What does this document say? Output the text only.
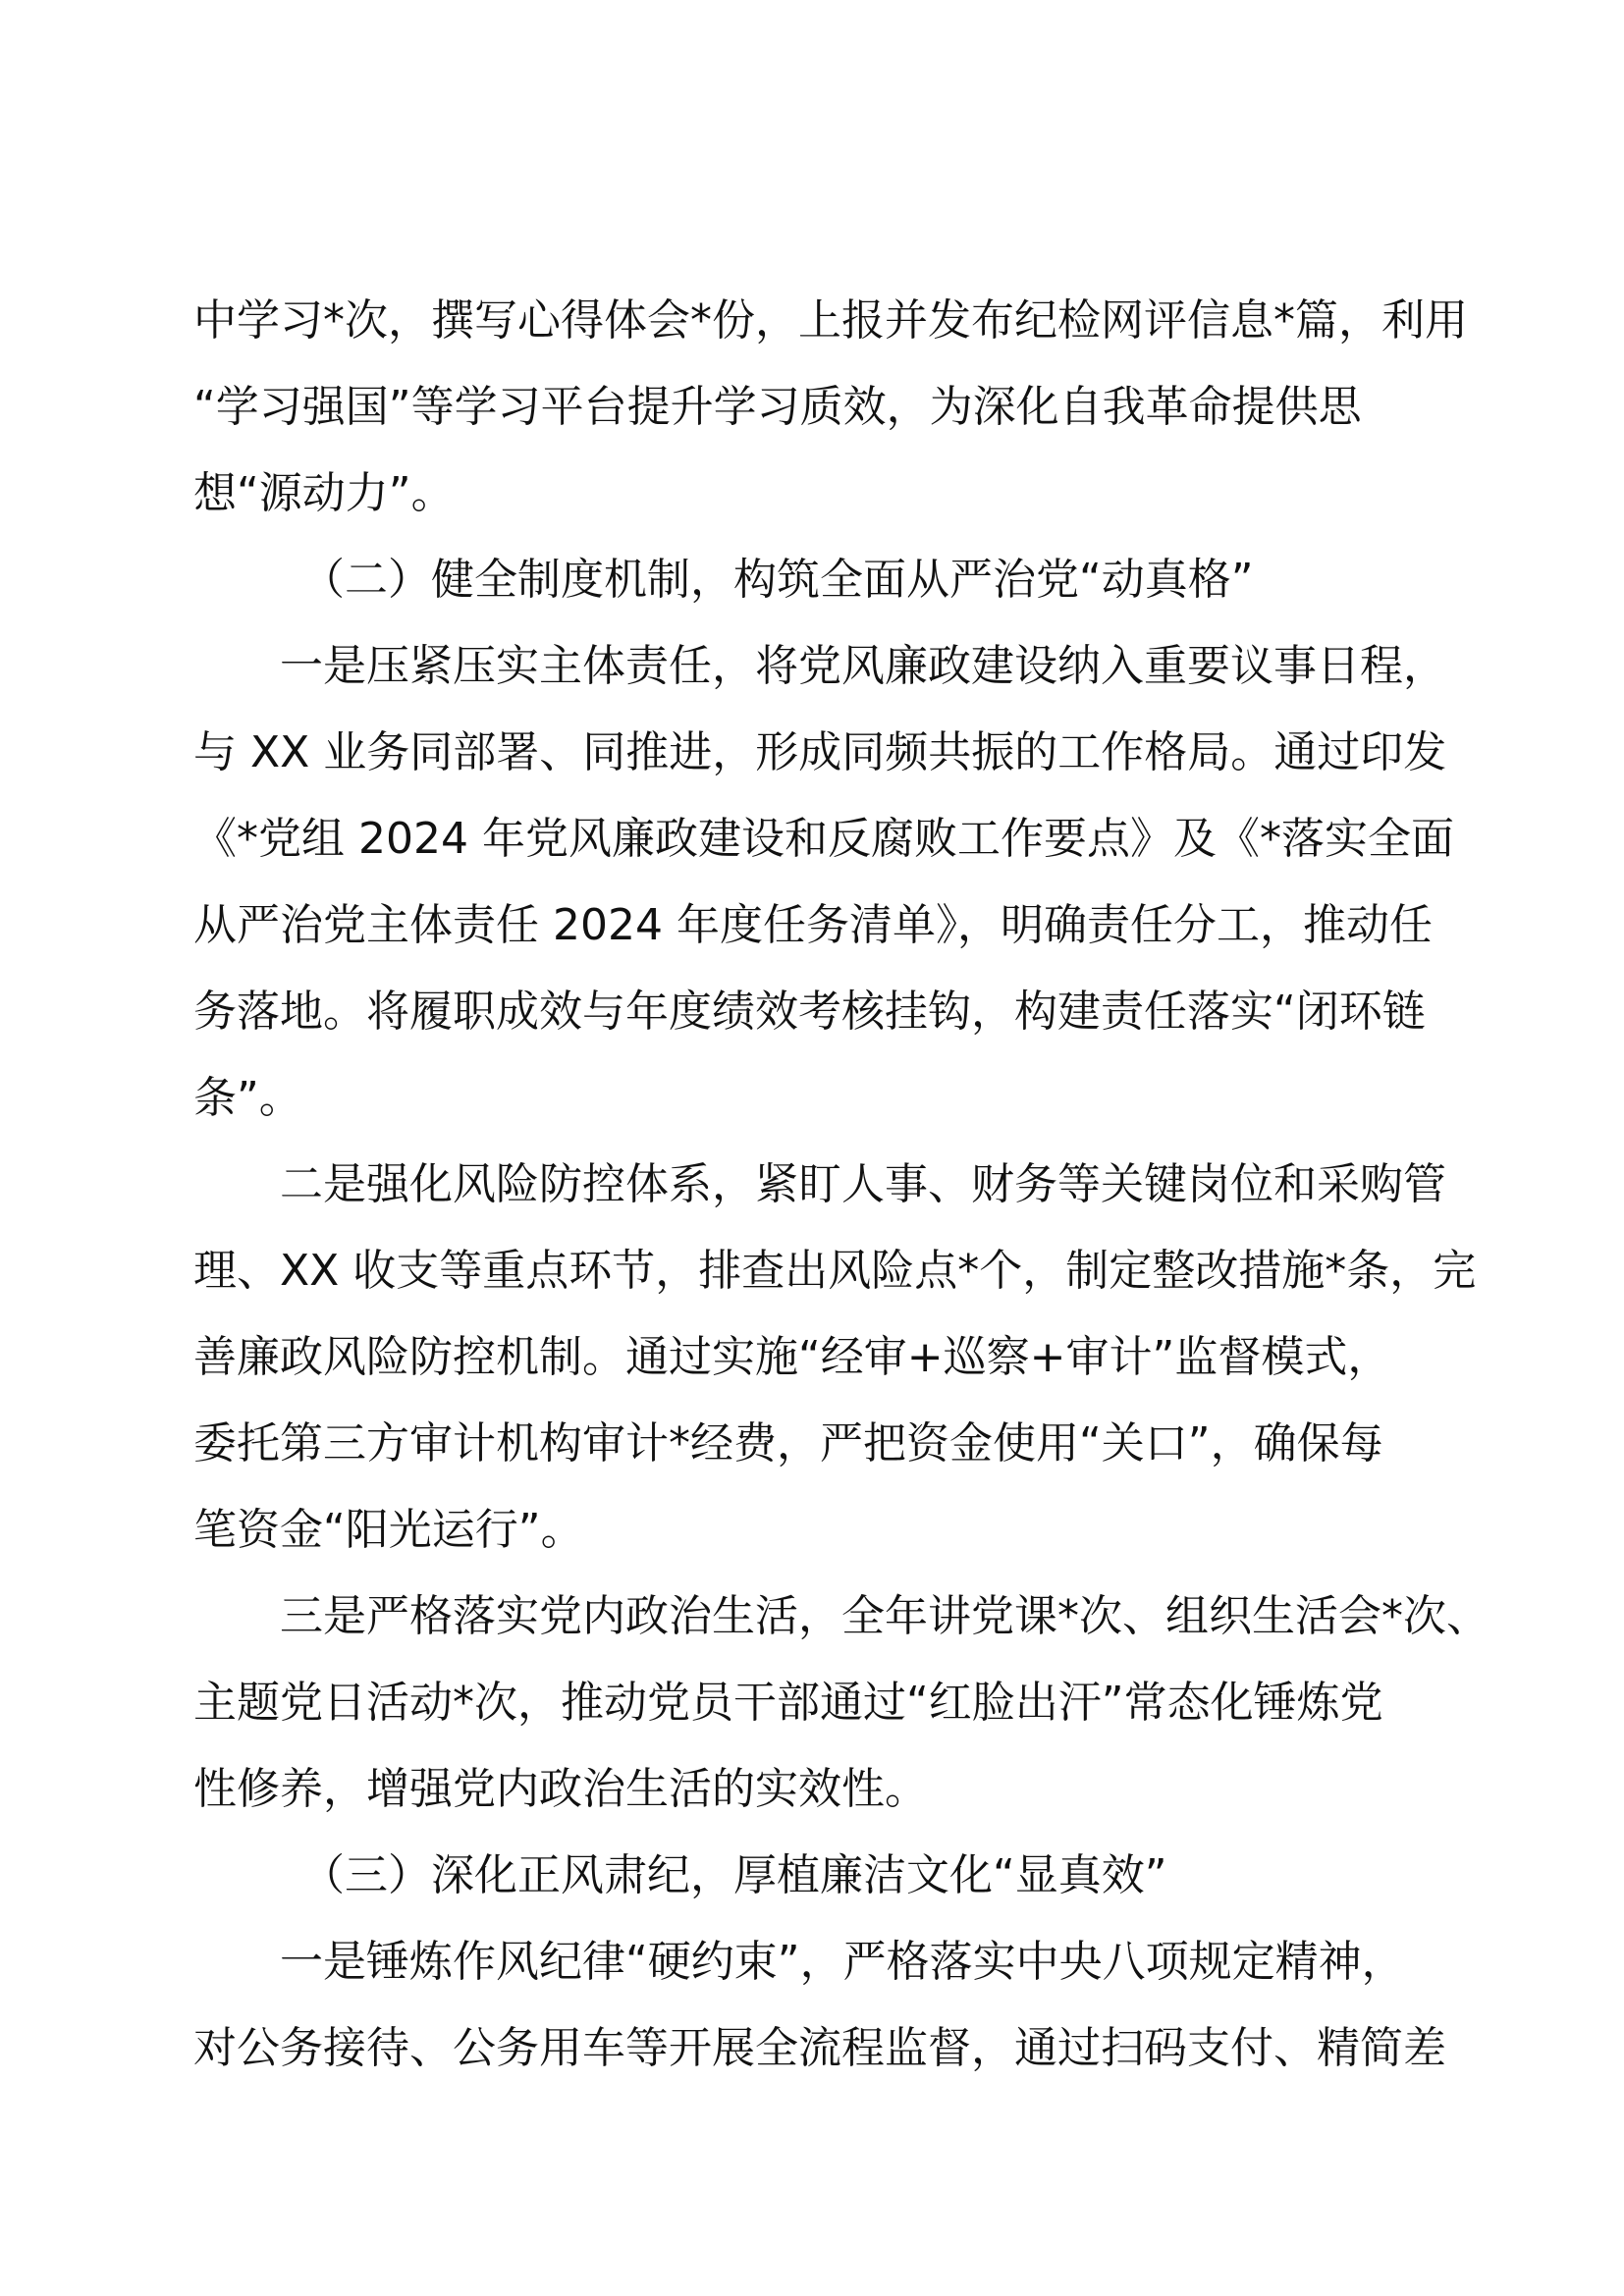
中学习*次，撰写心得体会*份，上报并发布纪检网评信息*篇，利用
“学习强国”等学习平台提升学习质效，为深化自我革命提供思
想“源动力”。
（二）健全制度机制，构筑全面从严治党“动真格”
一是压紧压实主体责任，将党风廉政建设纳入重要议事日程，
与 XX 业务同部署、同推进，形成同频共振的工作格局。通过印发
《*党组 2024 年党风廉政建设和反腐败工作要点》及《*落实全面
从严治党主体责任 2024 年度任务清单》，明确责任分工，推动任
务落地。将履职成效与年度绩效考核挂钩，构建责任落实“闭环链
条”。
二是强化风险防控体系，紧盯人事、财务等关键岗位和采购管
理、XX 收支等重点环节，排查出风险点*个，制定整改措施*条，完
善廉政风险防控机制。通过实施“经审+巡察+审计”监督模式，
委托第三方审计机构审计*经费，严把资金使用“关口”，确保每
笔资金“阳光运行”。
三是严格落实党内政治生活，全年讲党课*次、组织生活会*次、
主题党日活动*次，推动党员干部通过“红脸出汗”常态化锤炼党
性修养，增强党内政治生活的实效性。
（三）深化正风肃纪，厚植廉洁文化“显真效”
一是锤炼作风纪律“硬约束”，严格落实中央八项规定精神，
对公务接待、公务用车等开展全流程监督，通过扫码支付、精简差
